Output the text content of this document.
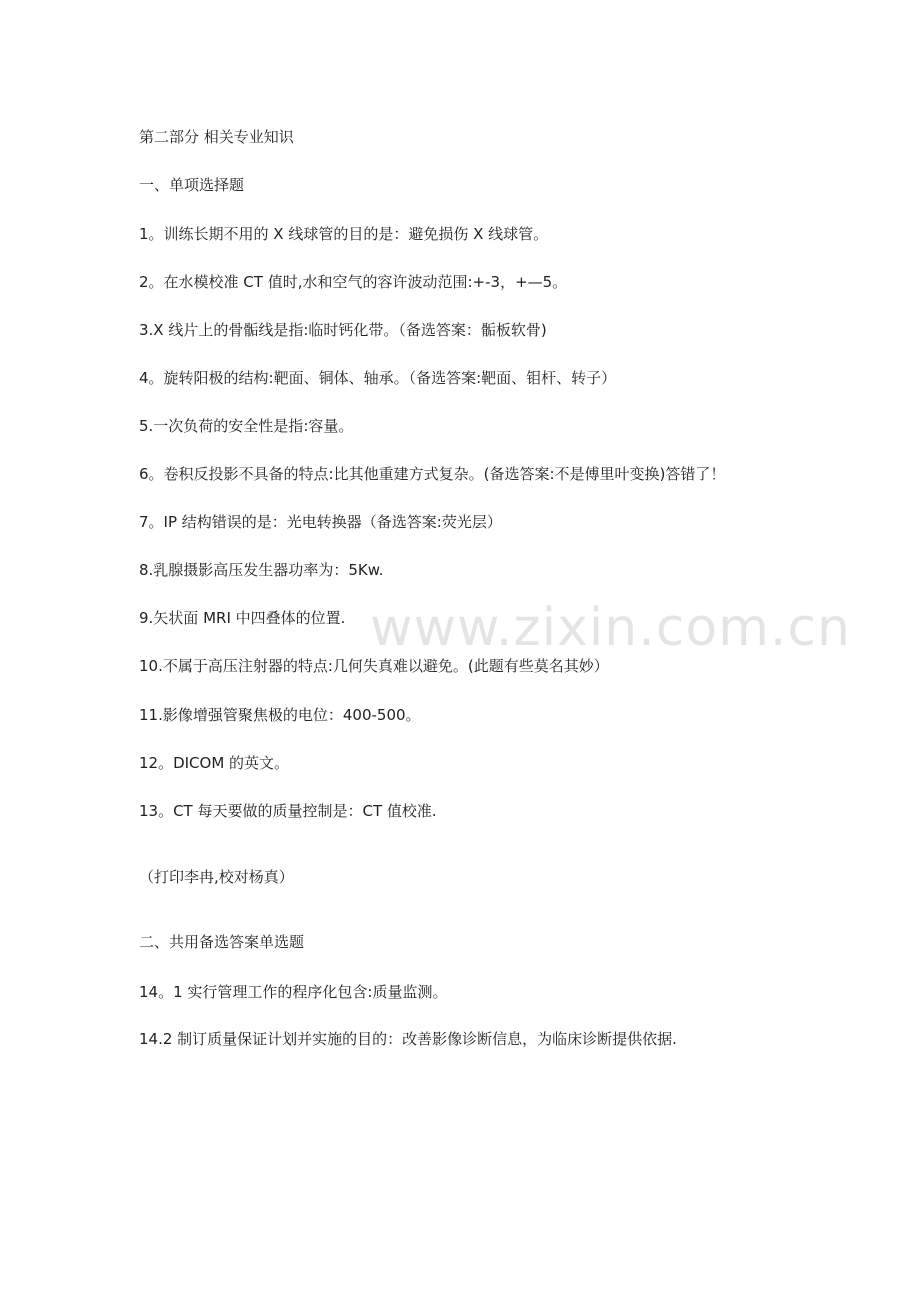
第二部分 相关专业知识
一、单项选择题
1。训练长期不用的 X 线球管的目的是：避免损伤 X 线球管。
2。在水模校准 CT 值时,水和空气的容许波动范围:+-3，+—5。
3.X 线片上的骨骺线是指:临时钙化带。（备选答案：骺板软骨)
4。旋转阳极的结构:靶面、铜体、轴承。（备选答案:靶面、钼杆、转子）
5.一次负荷的安全性是指:容量。
6。卷积反投影不具备的特点:比其他重建方式复杂。(备选答案:不是傅里叶变换)答错了！
7。IP 结构错误的是：光电转换器（备选答案:荧光层）
8.乳腺摄影高压发生器功率为：5Kw.
9.矢状面 MRI 中四叠体的位置.
10.不属于高压注射器的特点:几何失真难以避免。(此题有些莫名其妙）
11.影像增强管聚焦极的电位：400-500。
12。DICOM 的英文。
13。CT 每天要做的质量控制是：CT 值校准.
（打印李冉,校对杨真）
二、共用备选答案单选题
14。1 实行管理工作的程序化包含:质量监测。
14.2 制订质量保证计划并实施的目的：改善影像诊断信息，为临床诊断提供依据.
www.zixin.com.cn
